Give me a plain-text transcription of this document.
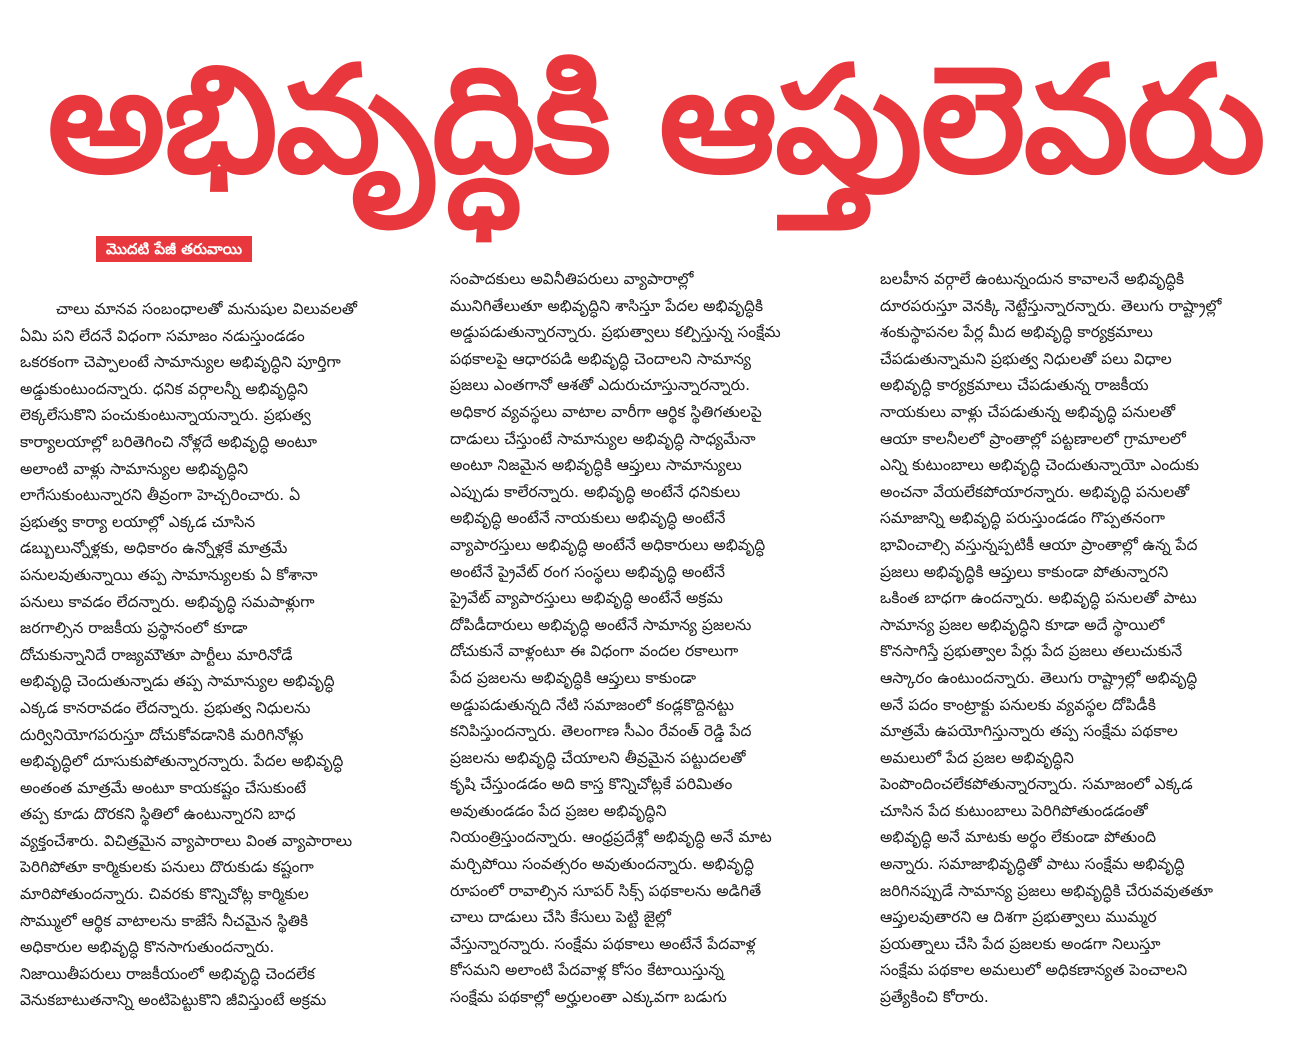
అభివృద్ధికి ఆప్తులెవరు
మొదటి పేజీ తరువాయి
చాలు మానవ సంబంధాలతో మనుషుల విలువలతో
ఏమి పని లేదనే విధంగా సమాజం నడుస్తుండడం
ఒకరకంగా చెప్పాలంటే సామాన్యుల అభివృద్ధిని పూర్తిగా
అడ్డుకుంటుందన్నారు. ధనిక వర్గాలన్నీ అభివృద్ధిని
లెక్కలేసుకొని పంచుకుంటున్నాయన్నారు. ప్రభుత్వ
కార్యాలయాల్లో బరితెగించి నోళ్లదే అభివృద్ధి అంటూ
అలాంటి వాళ్లు సామాన్యుల అభివృద్ధిని
లాగేసుకుంటున్నారని తీవ్రంగా హెచ్చరించారు. ఏ
ప్రభుత్వ కార్యా లయాల్లో ఎక్కడ చూసిన
డబ్బులున్నోళ్లకు, అధికారం ఉన్నోళ్లకే మాత్రమే
పనులవుతున్నాయి తప్ప సామాన్యులకు ఏ కోశానా
పనులు కావడం లేదన్నారు. అభివృద్ధి సమపాళ్లుగా
జరగాల్సిన రాజకీయ ప్రస్థానంలో కూడా
దోచుకున్నానిదే రాజ్యమౌతూ పార్టీలు మారినోడే
అభివృద్ధి చెందుతున్నాడు తప్ప సామాన్యుల అభివృద్ధి
ఎక్కడ కానరావడం లేదన్నారు. ప్రభుత్వ నిధులను
దుర్వినియోగపరుస్తూ దోచుకోవడానికి మరిగినోళ్లు
అభివృద్ధిలో దూసుకుపోతున్నారన్నారు. పేదల అభివృద్ధి
అంతంత మాత్రమే అంటూ కాయకష్టం చేసుకుంటే
తప్ప కూడు దొరకని స్థితిలో ఉంటున్నారని బాధ
వ్యక్తంచేశారు. విచిత్రమైన వ్యాపారాలు వింత వ్యాపారాలు
పెరిగిపోతూ కార్మికులకు పనులు దొరుకుడు కష్టంగా
మారిపోతుందన్నారు. చివరకు కొన్నిచోట్ల కార్మికుల
సొమ్ములో ఆర్థిక వాటాలను కాజేసే నీచమైన స్థితికి
అధికారుల అభివృద్ధి కొనసాగుతుందన్నారు.
నిజాయితీపరులు రాజకీయంలో అభివృద్ధి చెందలేక
వెనుకబాటుతనాన్ని అంటిపెట్టుకొని జీవిస్తుంటే అక్రమ
సంపాదకులు అవినీతిపరులు వ్యాపారాల్లో
మునిగితేలుతూ అభివృద్ధిని శాసిస్తూ పేదల అభివృద్ధికి
అడ్డుపడుతున్నారన్నారు. ప్రభుత్వాలు కల్పిస్తున్న సంక్షేమ
పథకాలపై ఆధారపడి అభివృద్ధి చెందాలని సామాన్య
ప్రజలు ఎంతగానో ఆశతో ఎదురుచూస్తున్నారన్నారు.
అధికార వ్యవస్థలు వాటాల వారీగా ఆర్థిక స్థితిగతులపై
దాడులు చేస్తుంటే సామాన్యుల అభివృద్ధి సాధ్యమేనా
అంటూ నిజమైన అభివృద్ధికి ఆప్తులు సామాన్యులు
ఎప్పుడు కాలేరన్నారు. అభివృద్ధి అంటేనే ధనికులు
అభివృద్ధి అంటేనే నాయకులు అభివృద్ధి అంటేనే
వ్యాపారస్తులు అభివృద్ధి అంటేనే అధికారులు అభివృద్ధి
అంటేనే ప్రైవేట్ రంగ సంస్థలు అభివృద్ధి అంటేనే
ప్రైవేట్ వ్యాపారస్తులు అభివృద్ధి అంటేనే అక్రమ
దోపిడీదారులు అభివృద్ధి అంటేనే సామాన్య ప్రజలను
దోచుకునే వాళ్లంటూ ఈ విధంగా వందల రకాలుగా
పేద ప్రజలను అభివృద్ధికి ఆప్తులు కాకుండా
అడ్డుపడుతున్నది నేటి సమాజంలో కండ్లకొద్దినట్టు
కనిపిస్తుందన్నారు. తెలంగాణ సీఎం రేవంత్ రెడ్డి పేద
ప్రజలను అభివృద్ధి చేయాలని తీవ్రమైన పట్టుదలతో
కృషి చేస్తుండడం అది కాస్త కొన్నిచోట్లకే పరిమితం
అవుతుండడం పేద ప్రజల అభివృద్ధిని
నియంత్రిస్తుందన్నారు. ఆంధ్రప్రదేశ్లో అభివృద్ధి అనే మాట
మర్చిపోయి సంవత్సరం అవుతుందన్నారు. అభివృద్ధి
రూపంలో రావాల్సిన సూపర్ సిక్స్ పథకాలను అడిగితే
చాలు దాడులు చేసి కేసులు పెట్టి జైల్లో
వేస్తున్నారన్నారు. సంక్షేమ పథకాలు అంటేనే పేదవాళ్ల
కోసమని అలాంటి పేదవాళ్ల కోసం కేటాయిస్తున్న
సంక్షేమ పథకాల్లో అర్హులంతా ఎక్కువగా బడుగు
బలహీన వర్గాలే ఉంటున్నందున కావాలనే అభివృద్ధికి
దూరపరుస్తూ వెనక్కి నెట్టేస్తున్నారన్నారు. తెలుగు రాష్ట్రాల్లో
శంకుస్థాపనల పేర్ల మీద అభివృద్ధి కార్యక్రమాలు
చేపడుతున్నామని ప్రభుత్వ నిధులతో పలు విధాల
అభివృద్ధి కార్యక్రమాలు చేపడుతున్న రాజకీయ
నాయకులు వాళ్లు చేపడుతున్న అభివృద్ధి పనులతో
ఆయా కాలనీలలో ప్రాంతాల్లో పట్టణాలలో గ్రామాలలో
ఎన్ని కుటుంబాలు అభివృద్ధి చెందుతున్నాయో ఎందుకు
అంచనా వేయలేకపోయారన్నారు. అభివృద్ధి పనులతో
సమాజాన్ని అభివృద్ధి పరుస్తుండడం గొప్పతనంగా
భావించాల్సి వస్తున్నప్పటికీ ఆయా ప్రాంతాల్లో ఉన్న పేద
ప్రజలు అభివృద్ధికి ఆప్తులు కాకుండా పోతున్నారని
ఒకింత బాధగా ఉందన్నారు. అభివృద్ధి పనులతో పాటు
సామాన్య ప్రజల అభివృద్ధిని కూడా అదే స్థాయిలో
కొనసాగిస్తే ప్రభుత్వాల పేర్లు పేద ప్రజలు తలుచుకునే
ఆస్కారం ఉంటుందన్నారు. తెలుగు రాష్ట్రాల్లో అభివృద్ధి
అనే పదం కాంట్రాక్టు పనులకు వ్యవస్థల దోపిడీకి
మాత్రమే ఉపయోగిస్తున్నారు తప్ప సంక్షేమ పథకాల
అమలులో పేద ప్రజల అభివృద్ధిని
పెంపొందించలేకపోతున్నారన్నారు. సమాజంలో ఎక్కడ
చూసిన పేద కుటుంబాలు పెరిగిపోతుండడంతో
అభివృద్ధి అనే మాటకు అర్థం లేకుండా పోతుంది
అన్నారు. సమాజాభివృద్ధితో పాటు సంక్షేమ అభివృద్ధి
జరిగినప్పుడే సామాన్య ప్రజలు అభివృద్ధికి చేరువవుతతూ
ఆప్తులవుతారని ఆ దిశగా ప్రభుత్వాలు ముమ్మర
ప్రయత్నాలు చేసి పేద ప్రజలకు అండగా నిలుస్తూ
సంక్షేమ పథకాల అమలులో అధికణాన్యత పెంచాలని
ప్రత్యేకించి కోరారు.
